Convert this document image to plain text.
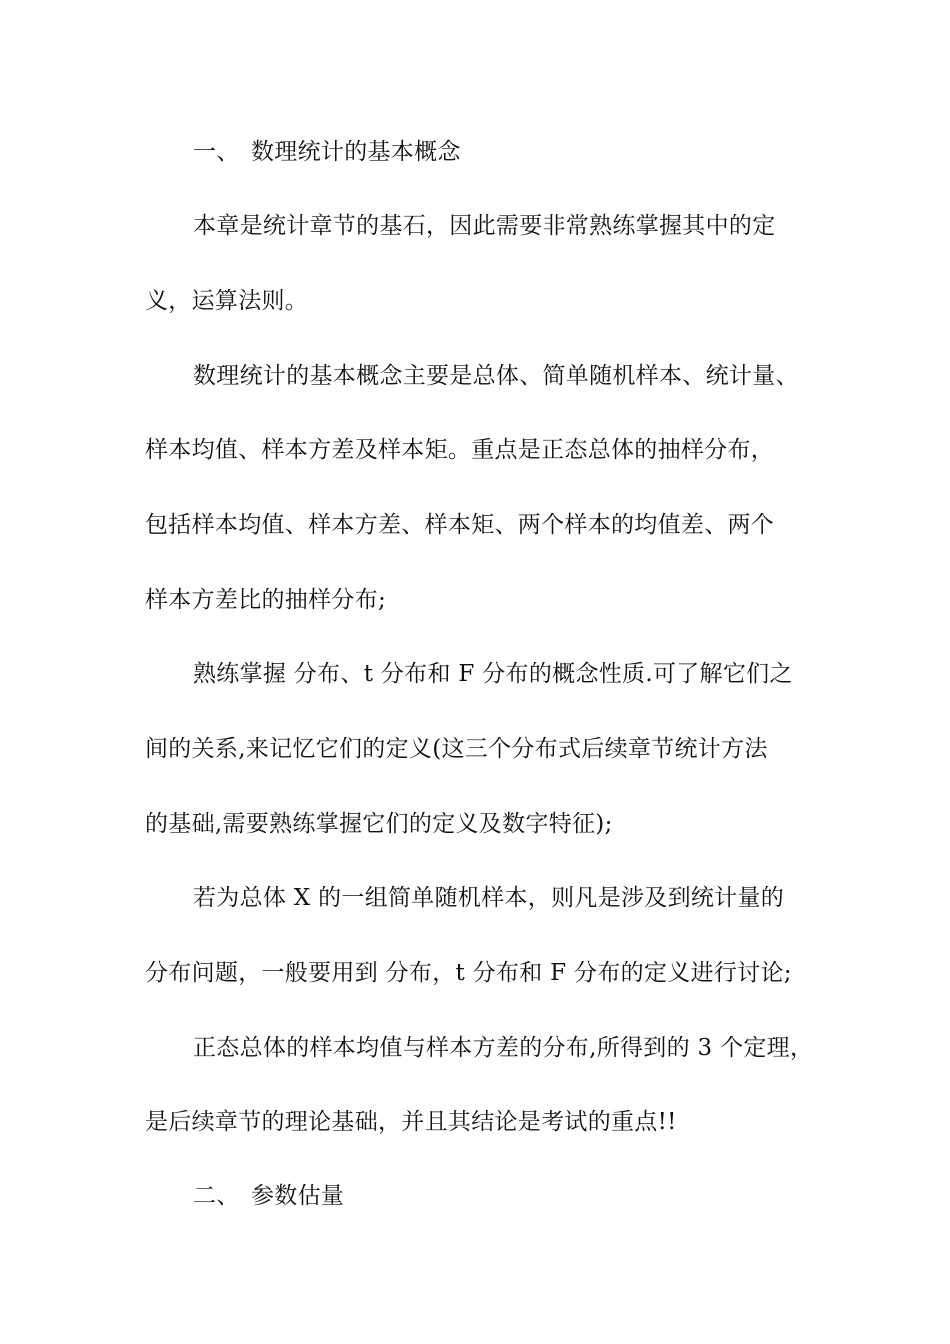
一、 数理统计的基本概念
本章是统计章节的基石，因此需要非常熟练掌握其中的定
义，运算法则。
数理统计的基本概念主要是总体、简单随机样本、统计量、
样本均值、样本方差及样本矩。重点是正态总体的抽样分布，
包括样本均值、样本方差、样本矩、两个样本的均值差、两个
样本方差比的抽样分布;
熟练掌握 分布、t 分布和 F 分布的概念性质.可了解它们之
间的关系,来记忆它们的定义(这三个分布式后续章节统计方法
的基础,需要熟练掌握它们的定义及数字特征);
若为总体 X 的一组简单随机样本，则凡是涉及到统计量的
分布问题，一般要用到 分布，t 分布和 F 分布的定义进行讨论;
正态总体的样本均值与样本方差的分布,所得到的 3 个定理，
是后续章节的理论基础，并且其结论是考试的重点!!
二、 参数估量
